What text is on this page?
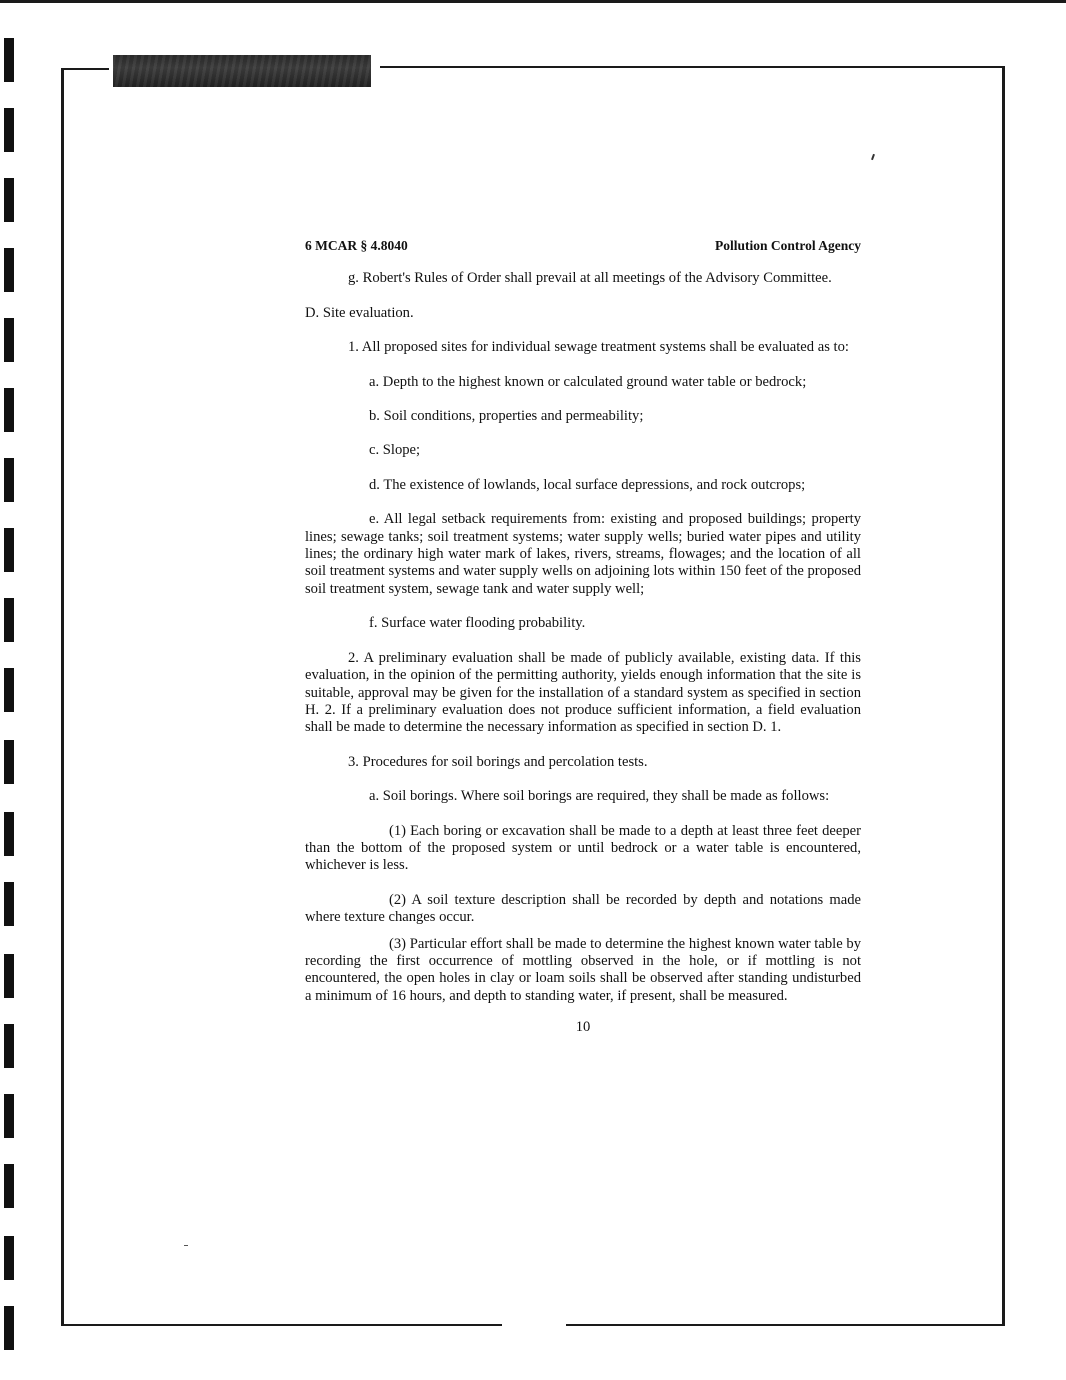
6 MCAR § 4.8040	Pollution Control Agency

g. Robert's Rules of Order shall prevail at all meetings of the Advisory Committee.

D. Site evaluation.

1. All proposed sites for individual sewage treatment systems shall be evaluated as to:

a. Depth to the highest known or calculated ground water table or bedrock;

b. Soil conditions, properties and permeability;

c. Slope;

d. The existence of lowlands, local surface depressions, and rock outcrops;

e. All legal setback requirements from: existing and proposed buildings; property lines; sewage tanks; soil treatment systems; water supply wells; buried water pipes and utility lines; the ordinary high water mark of lakes, rivers, streams, flowages; and the location of all soil treatment systems and water supply wells on adjoining lots within 150 feet of the proposed soil treatment system, sewage tank and water supply well;

f. Surface water flooding probability.

2. A preliminary evaluation shall be made of publicly available, existing data. If this evaluation, in the opinion of the permitting authority, yields enough information that the site is suitable, approval may be given for the installation of a standard system as specified in section H. 2. If a preliminary evaluation does not produce sufficient information, a field evaluation shall be made to determine the necessary information as specified in section D. 1.

3. Procedures for soil borings and percolation tests.

a. Soil borings. Where soil borings are required, they shall be made as follows:

(1) Each boring or excavation shall be made to a depth at least three feet deeper than the bottom of the proposed system or until bedrock or a water table is encountered, whichever is less.

(2) A soil texture description shall be recorded by depth and notations made where texture changes occur.

(3) Particular effort shall be made to determine the highest known water table by recording the first occurrence of mottling observed in the hole, or if mottling is not encountered, the open holes in clay or loam soils shall be observed after standing undisturbed a minimum of 16 hours, and depth to standing water, if present, shall be measured.

10
